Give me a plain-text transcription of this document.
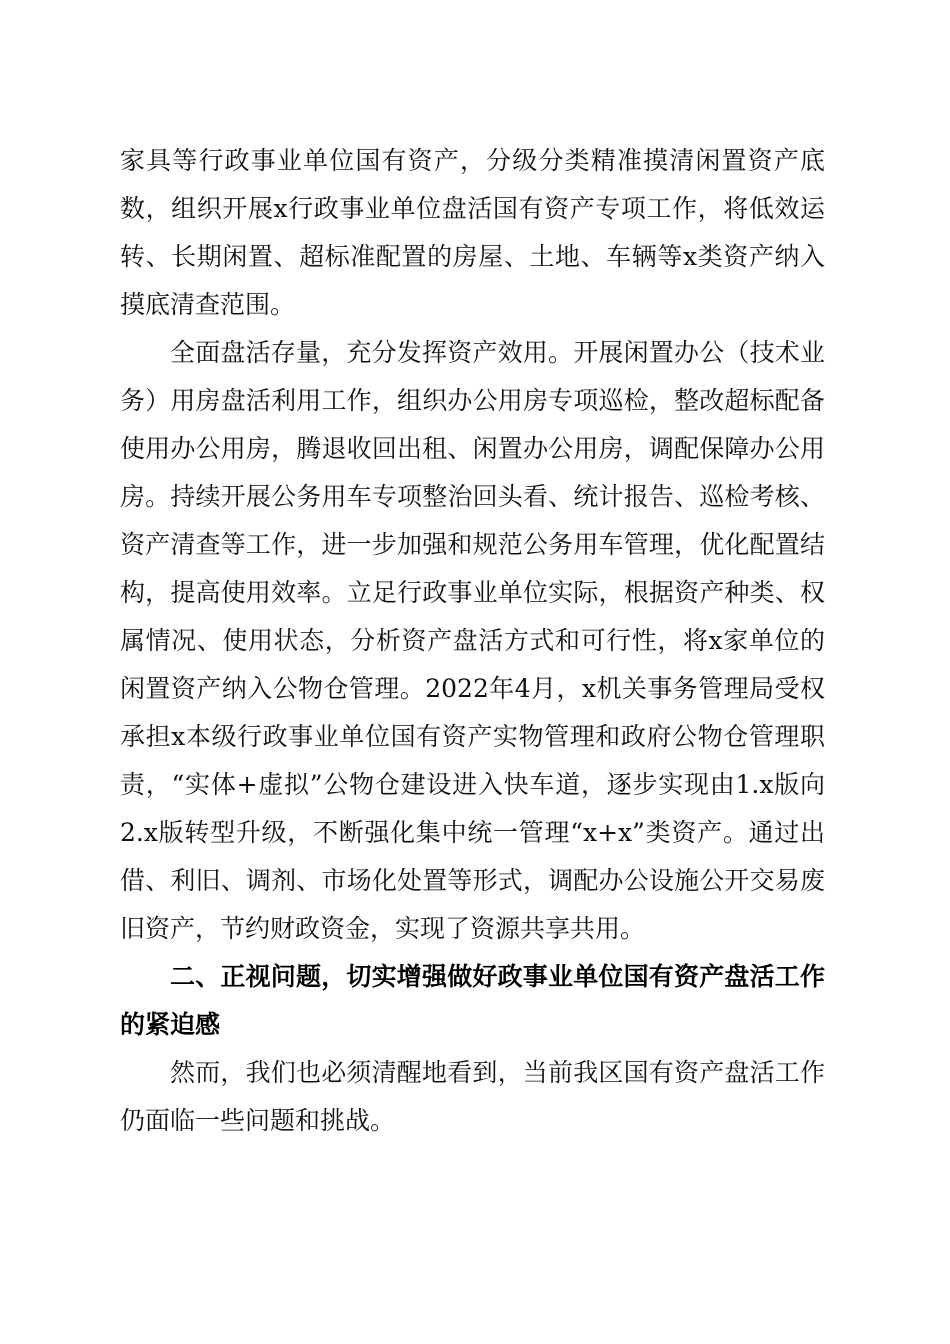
家具等行政事业单位国有资产，分级分类精准摸清闲置资产底数，组织开展x行政事业单位盘活国有资产专项工作，将低效运转、长期闲置、超标准配置的房屋、土地、车辆等x类资产纳入摸底清查范围。

全面盘活存量，充分发挥资产效用。开展闲置办公（技术业务）用房盘活利用工作，组织办公用房专项巡检，整改超标配备使用办公用房，腾退收回出租、闲置办公用房，调配保障办公用房。持续开展公务用车专项整治回头看、统计报告、巡检考核、资产清查等工作，进一步加强和规范公务用车管理，优化配置结构，提高使用效率。立足行政事业单位实际，根据资产种类、权属情况、使用状态，分析资产盘活方式和可行性，将x家单位的闲置资产纳入公物仓管理。2022年4月，x机关事务管理局受权承担x本级行政事业单位国有资产实物管理和政府公物仓管理职责，“实体+虚拟”公物仓建设进入快车道，逐步实现由1.x版向2.x版转型升级，不断强化集中统一管理“x+x”类资产。通过出借、利旧、调剂、市场化处置等形式，调配办公设施公开交易废旧资产，节约财政资金，实现了资源共享共用。

二、正视问题，切实增强做好政事业单位国有资产盘活工作的紧迫感

然而，我们也必须清醒地看到，当前我区国有资产盘活工作仍面临一些问题和挑战。
